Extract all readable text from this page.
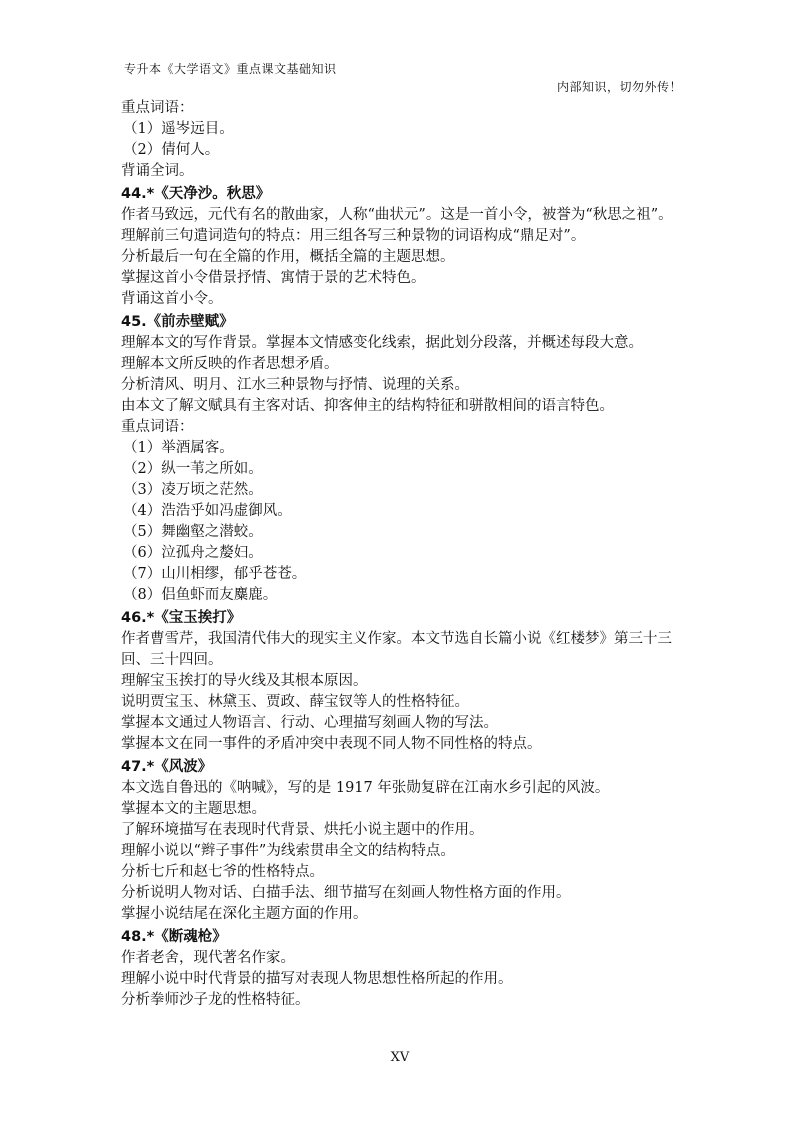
专升本《大学语文》重点课文基础知识
内部知识，切勿外传！
重点词语：
（1）遥岑远目。
（2）倩何人。
背诵全词。
44.*《天净沙。秋思》
作者马致远，元代有名的散曲家，人称“曲状元”。这是一首小令，被誉为“秋思之祖”。
理解前三句遣词造句的特点：用三组各写三种景物的词语构成“鼎足对”。
分析最后一句在全篇的作用，概括全篇的主题思想。
掌握这首小令借景抒情、寓情于景的艺术特色。
背诵这首小令。
45.《前赤壁赋》
理解本文的写作背景。掌握本文情感变化线索，据此划分段落，并概述每段大意。
理解本文所反映的作者思想矛盾。
分析清风、明月、江水三种景物与抒情、说理的关系。
由本文了解文赋具有主客对话、抑客伸主的结构特征和骈散相间的语言特色。
重点词语：
（1）举酒属客。
（2）纵一苇之所如。
（3）凌万顷之茫然。
（4）浩浩乎如冯虚御风。
（5）舞幽壑之潜蛟。
（6）泣孤舟之嫠妇。
（7）山川相缪，郁乎苍苍。
（8）侣鱼虾而友麋鹿。
46.*《宝玉挨打》
作者曹雪芹，我国清代伟大的现实主义作家。本文节选自长篇小说《红楼梦》第三十三回、三十四回。
理解宝玉挨打的导火线及其根本原因。
说明贾宝玉、林黛玉、贾政、薛宝钗等人的性格特征。
掌握本文通过人物语言、行动、心理描写刻画人物的写法。
掌握本文在同一事件的矛盾冲突中表现不同人物不同性格的特点。
47.*《风波》
本文选自鲁迅的《呐喊》，写的是 1917 年张勋复辟在江南水乡引起的风波。
掌握本文的主题思想。
了解环境描写在表现时代背景、烘托小说主题中的作用。
理解小说以“辫子事件”为线索贯串全文的结构特点。
分析七斤和赵七爷的性格特点。
分析说明人物对话、白描手法、细节描写在刻画人物性格方面的作用。
掌握小说结尾在深化主题方面的作用。
48.*《断魂枪》
作者老舍，现代著名作家。
理解小说中时代背景的描写对表现人物思想性格所起的作用。
分析拳师沙子龙的性格特征。
XV
